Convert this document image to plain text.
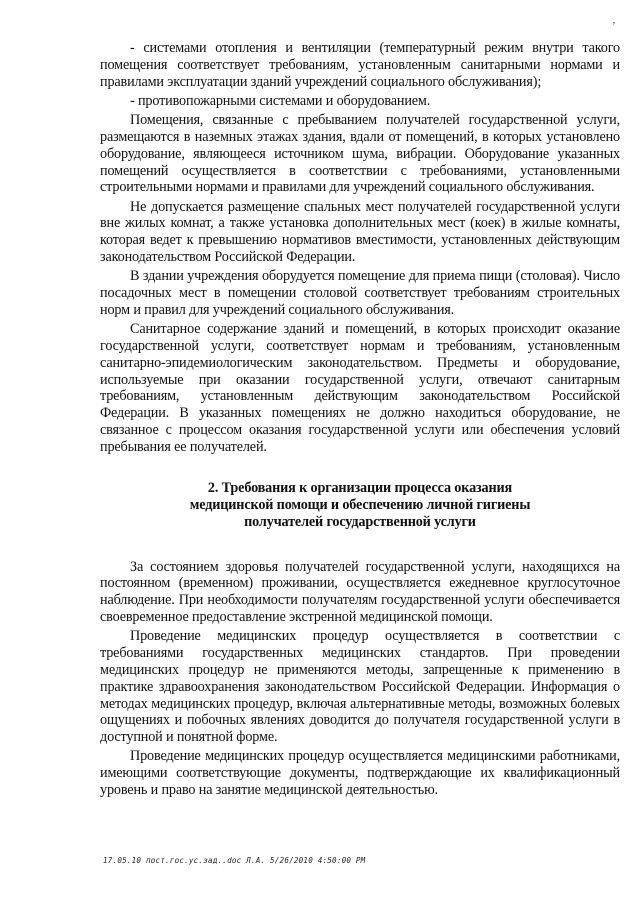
’

- системами отопления и вентиляции (температурный режим внутри такого помещения соответствует требованиям, установленным санитарными нормами и правилами эксплуатации зданий учреждений социального обслуживания);

- противопожарными системами и оборудованием.

Помещения, связанные с пребыванием получателей государственной услуги, размещаются в наземных этажах здания, вдали от помещений, в которых установлено оборудование, являющееся источником шума, вибрации. Оборудование указанных помещений осуществляется в соответствии с требованиями, установленными строительными нормами и правилами для учреждений социального обслуживания.

Не допускается размещение спальных мест получателей государственной услуги вне жилых комнат, а также установка дополнительных мест (коек) в жилые комнаты, которая ведет к превышению нормативов вместимости, установленных действующим законодательством Российской Федерации.

В здании учреждения оборудуется помещение для приема пищи (столовая). Число посадочных мест в помещении столовой соответствует требованиям строительных норм и правил для учреждений социального обслуживания.

Санитарное содержание зданий и помещений, в которых происходит оказание государственной услуги, соответствует нормам и требованиям, установленным санитарно-эпидемиологическим законодательством. Предметы и оборудование, используемые при оказании государственной услуги, отвечают санитарным требованиям, установленным действующим законодательством Российской Федерации. В указанных помещениях не должно находиться оборудование, не связанное с процессом оказания государственной услуги или обеспечения условий пребывания ее получателей.

2. Требования к организации процесса оказания
медицинской помощи и обеспечению личной гигиены
получателей государственной услуги

За состоянием здоровья получателей государственной услуги, находящихся на постоянном (временном) проживании, осуществляется ежедневное круглосуточное наблюдение. При необходимости получателям государственной услуги обеспечивается своевременное предоставление экстренной медицинской помощи.

Проведение медицинских процедур осуществляется в соответствии с требованиями государственных медицинских стандартов. При проведении медицинских процедур не применяются методы, запрещенные к применению в практике здравоохранения законодательством Российской Федерации. Информация о методах медицинских процедур, включая альтернативные методы, возможных болевых ощущениях и побочных явлениях доводится до получателя государственной услуги в доступной и понятной форме.

Проведение медицинских процедур осуществляется медицинскими работниками, имеющими соответствующие документы, подтверждающие их квалификационный уровень и право на занятие медицинской деятельностью.

17.05.10 пост.гос.ус.зад..doc Л.А. 5/26/2010 4:50:00 PM
